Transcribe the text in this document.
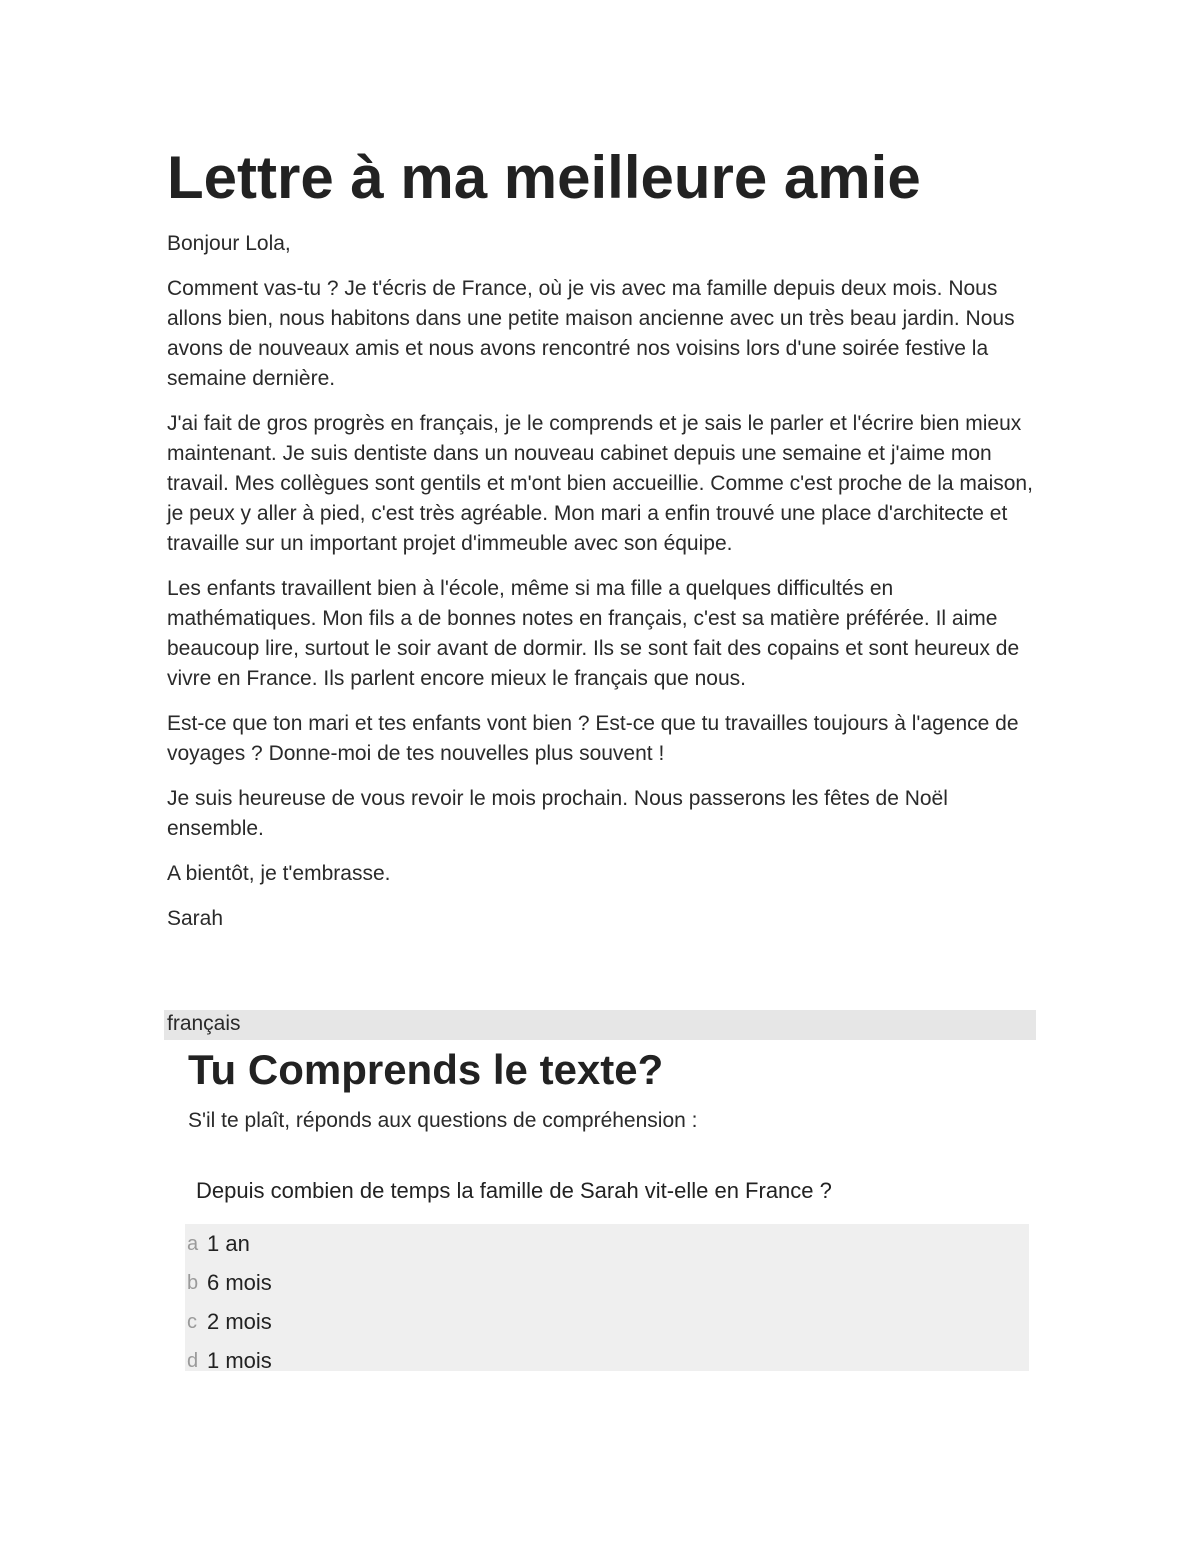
Lettre à ma meilleure amie

Bonjour Lola,

Comment vas-tu ? Je t'écris de France, où je vis avec ma famille depuis deux mois. Nous allons bien, nous habitons dans une petite maison ancienne avec un très beau jardin. Nous avons de nouveaux amis et nous avons rencontré nos voisins lors d'une soirée festive la semaine dernière.

J'ai fait de gros progrès en français, je le comprends et je sais le parler et l'écrire bien mieux maintenant. Je suis dentiste dans un nouveau cabinet depuis une semaine et j'aime mon travail. Mes collègues sont gentils et m'ont bien accueillie. Comme c'est proche de la maison, je peux y aller à pied, c'est très agréable. Mon mari a enfin trouvé une place d'architecte et travaille sur un important projet d'immeuble avec son équipe.

Les enfants travaillent bien à l'école, même si ma fille a quelques difficultés en mathématiques. Mon fils a de bonnes notes en français, c'est sa matière préférée. Il aime beaucoup lire, surtout le soir avant de dormir. Ils se sont fait des copains et sont heureux de vivre en France. Ils parlent encore mieux le français que nous.

Est-ce que ton mari et tes enfants vont bien ? Est-ce que tu travailles toujours à l'agence de voyages ? Donne-moi de tes nouvelles plus souvent !

Je suis heureuse de vous revoir le mois prochain. Nous passerons les fêtes de Noël ensemble.

A bientôt, je t'embrasse.

Sarah

français
Tu Comprends le texte?
S'il te plaît, réponds aux questions de compréhension :
Depuis combien de temps la famille de Sarah vit-elle en France ?
a 1 an
b 6 mois
c 2 mois
d 1 mois
